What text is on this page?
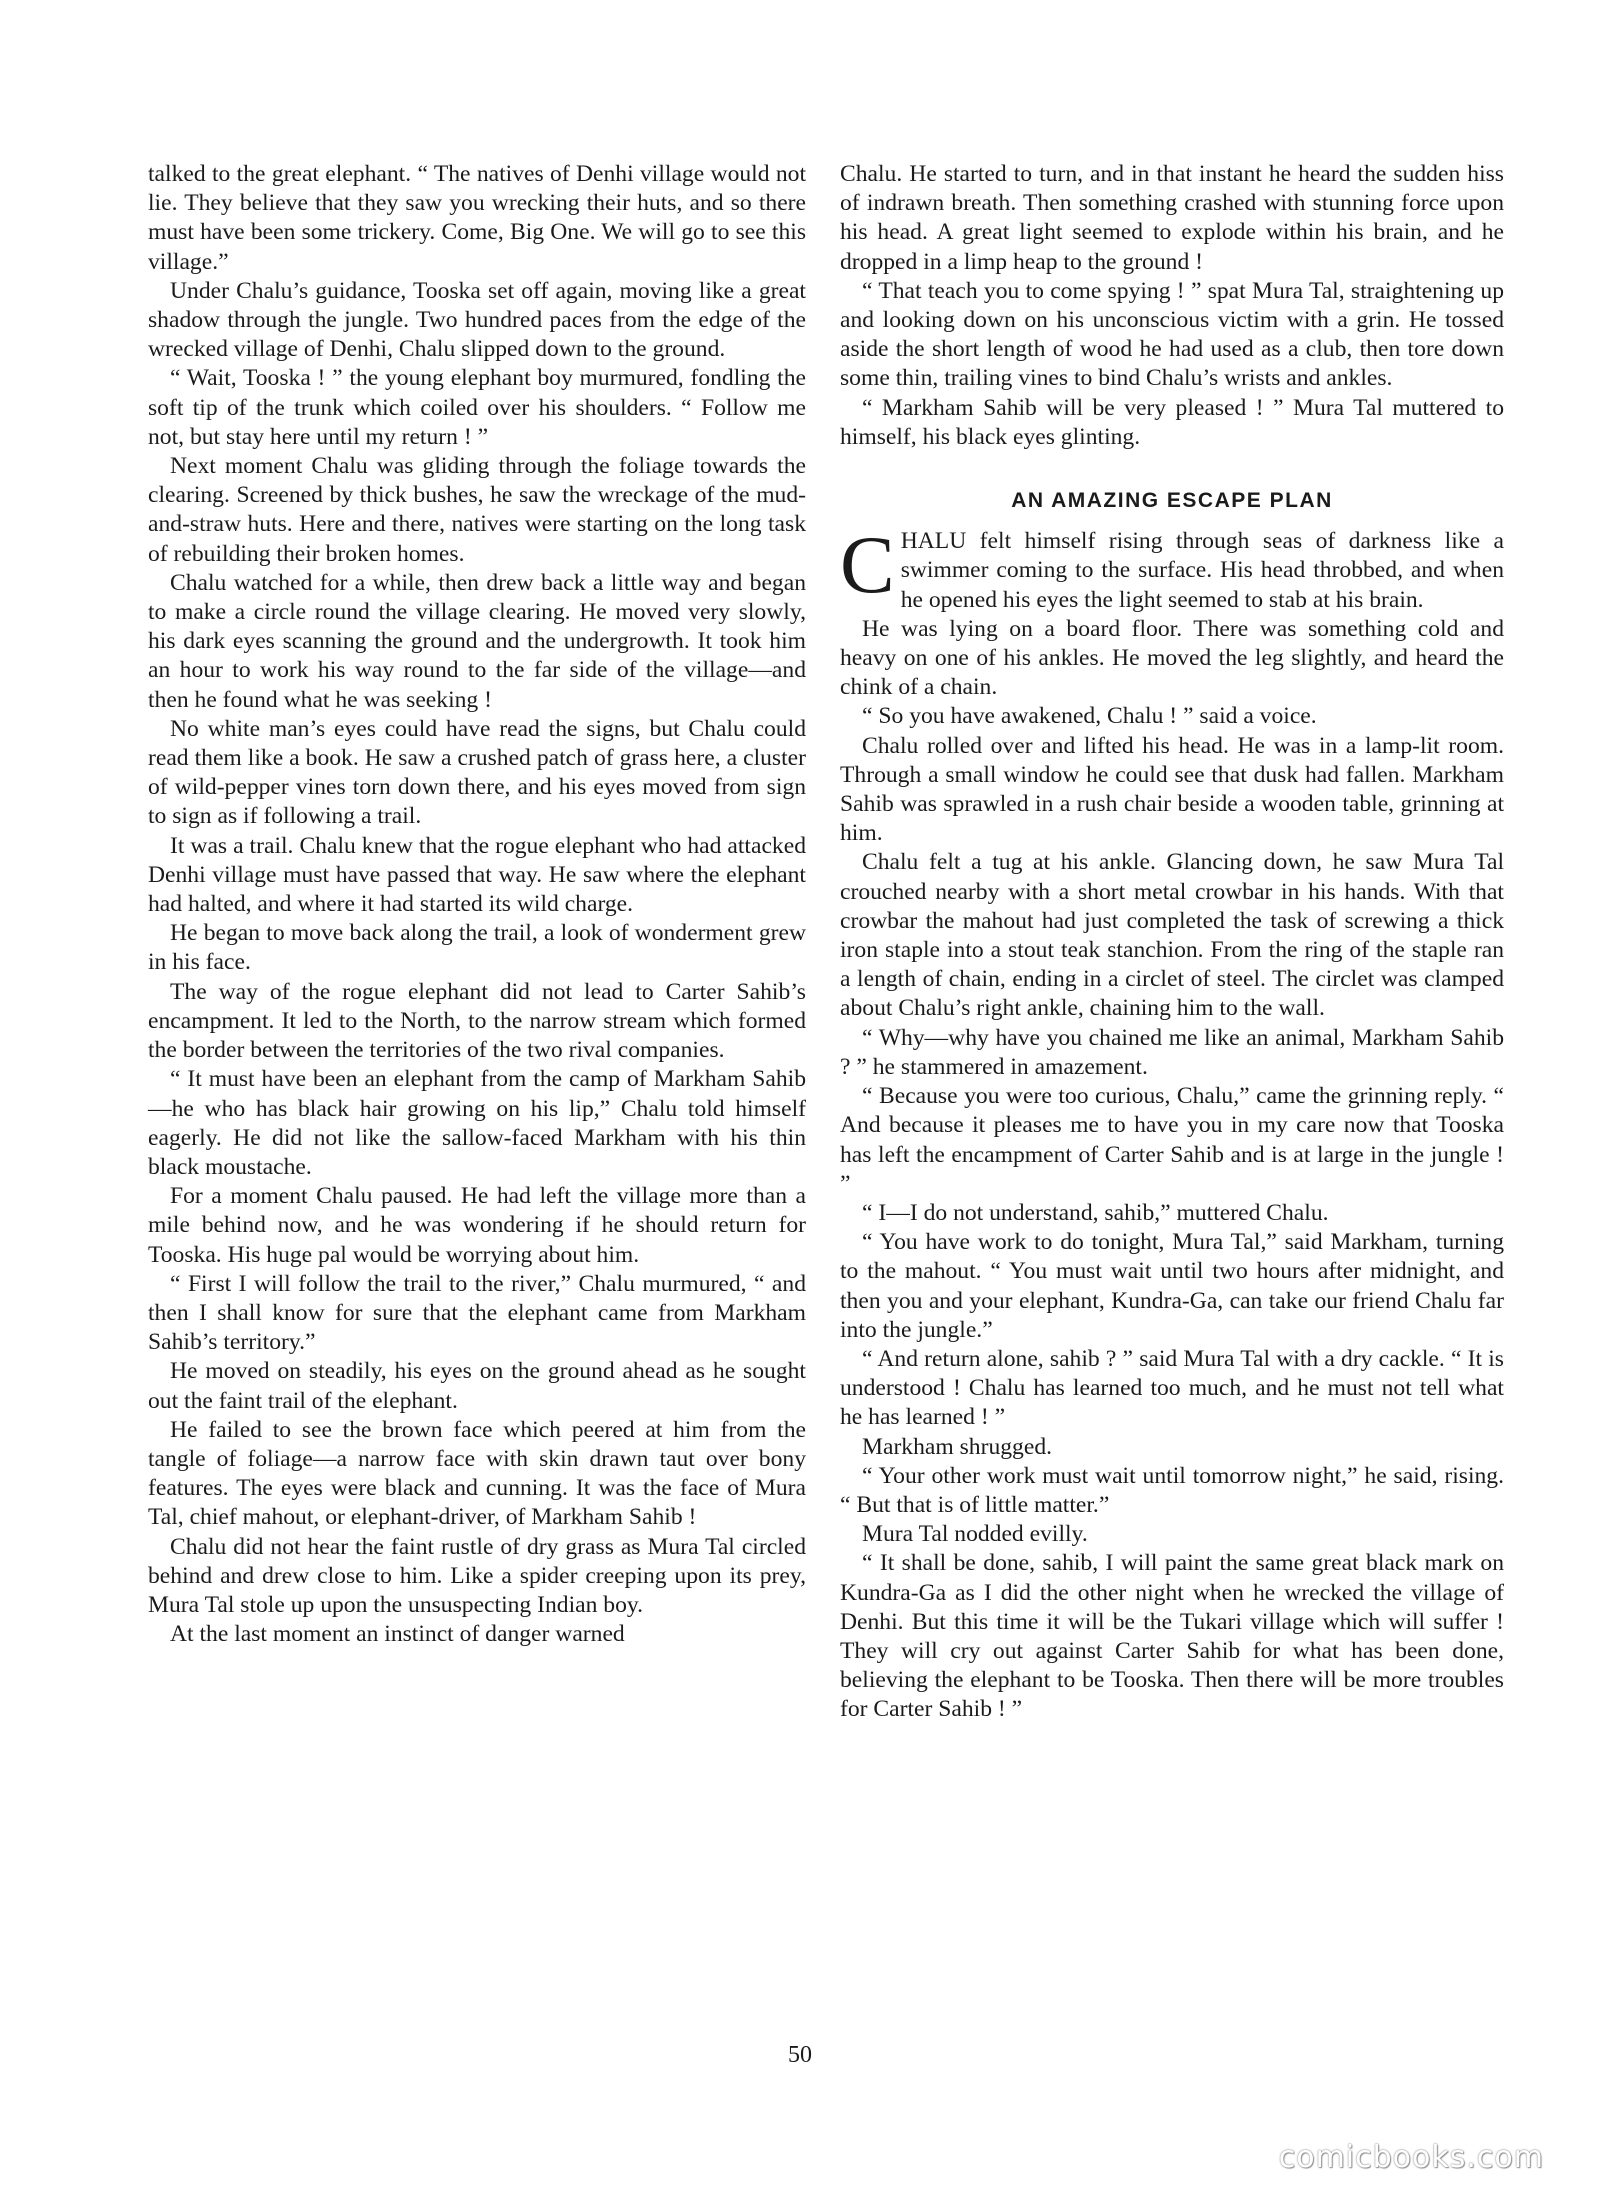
talked to the great elephant. “ The natives of Denhi village would not lie. They believe that they saw you wrecking their huts, and so there must have been some trickery. Come, Big One. We will go to see this village.”

Under Chalu’s guidance, Tooska set off again, moving like a great shadow through the jungle. Two hundred paces from the edge of the wrecked village of Denhi, Chalu slipped down to the ground.

“ Wait, Tooska ! ” the young elephant boy murmured, fondling the soft tip of the trunk which coiled over his shoulders. “ Follow me not, but stay here until my return ! ”

Next moment Chalu was gliding through the foliage towards the clearing. Screened by thick bushes, he saw the wreckage of the mud-and-straw huts. Here and there, natives were starting on the long task of rebuilding their broken homes.

Chalu watched for a while, then drew back a little way and began to make a circle round the village clearing. He moved very slowly, his dark eyes scanning the ground and the undergrowth. It took him an hour to work his way round to the far side of the village—and then he found what he was seeking !

No white man’s eyes could have read the signs, but Chalu could read them like a book. He saw a crushed patch of grass here, a cluster of wild-pepper vines torn down there, and his eyes moved from sign to sign as if following a trail.

It was a trail. Chalu knew that the rogue elephant who had attacked Denhi village must have passed that way. He saw where the elephant had halted, and where it had started its wild charge.

He began to move back along the trail, a look of wonderment grew in his face.

The way of the rogue elephant did not lead to Carter Sahib’s encampment. It led to the North, to the narrow stream which formed the border between the territories of the two rival companies.

“ It must have been an elephant from the camp of Markham Sahib—he who has black hair growing on his lip,” Chalu told himself eagerly. He did not like the sallow-faced Markham with his thin black moustache.

For a moment Chalu paused. He had left the village more than a mile behind now, and he was wondering if he should return for Tooska. His huge pal would be worrying about him.

“ First I will follow the trail to the river,” Chalu murmured, “ and then I shall know for sure that the elephant came from Markham Sahib’s territory.”

He moved on steadily, his eyes on the ground ahead as he sought out the faint trail of the elephant.

He failed to see the brown face which peered at him from the tangle of foliage—a narrow face with skin drawn taut over bony features. The eyes were black and cunning. It was the face of Mura Tal, chief mahout, or elephant-driver, of Markham Sahib !

Chalu did not hear the faint rustle of dry grass as Mura Tal circled behind and drew close to him. Like a spider creeping upon its prey, Mura Tal stole up upon the unsuspecting Indian boy.

At the last moment an instinct of danger warned

Chalu. He started to turn, and in that instant he heard the sudden hiss of indrawn breath. Then something crashed with stunning force upon his head. A great light seemed to explode within his brain, and he dropped in a limp heap to the ground !

“ That teach you to come spying ! ” spat Mura Tal, straightening up and looking down on his unconscious victim with a grin. He tossed aside the short length of wood he had used as a club, then tore down some thin, trailing vines to bind Chalu’s wrists and ankles.

“ Markham Sahib will be very pleased ! ” Mura Tal muttered to himself, his black eyes glinting.

AN AMAZING ESCAPE PLAN

CHALU felt himself rising through seas of darkness like a swimmer coming to the surface. His head throbbed, and when he opened his eyes the light seemed to stab at his brain.

He was lying on a board floor. There was something cold and heavy on one of his ankles. He moved the leg slightly, and heard the chink of a chain.

“ So you have awakened, Chalu ! ” said a voice.

Chalu rolled over and lifted his head. He was in a lamp-lit room. Through a small window he could see that dusk had fallen. Markham Sahib was sprawled in a rush chair beside a wooden table, grinning at him.

Chalu felt a tug at his ankle. Glancing down, he saw Mura Tal crouched nearby with a short metal crowbar in his hands. With that crowbar the mahout had just completed the task of screwing a thick iron staple into a stout teak stanchion. From the ring of the staple ran a length of chain, ending in a circlet of steel. The circlet was clamped about Chalu’s right ankle, chaining him to the wall.

“ Why—why have you chained me like an animal, Markham Sahib ? ” he stammered in amazement.

“ Because you were too curious, Chalu,” came the grinning reply. “ And because it pleases me to have you in my care now that Tooska has left the encampment of Carter Sahib and is at large in the jungle ! ”

“ I—I do not understand, sahib,” muttered Chalu.

“ You have work to do tonight, Mura Tal,” said Markham, turning to the mahout. “ You must wait until two hours after midnight, and then you and your elephant, Kundra-Ga, can take our friend Chalu far into the jungle.”

“ And return alone, sahib ? ” said Mura Tal with a dry cackle. “ It is understood ! Chalu has learned too much, and he must not tell what he has learned ! ”

Markham shrugged.

“ Your other work must wait until tomorrow night,” he said, rising. “ But that is of little matter.”

Mura Tal nodded evilly.

“ It shall be done, sahib, I will paint the same great black mark on Kundra-Ga as I did the other night when he wrecked the village of Denhi. But this time it will be the Tukari village which will suffer ! They will cry out against Carter Sahib for what has been done, believing the elephant to be Tooska. Then there will be more troubles for Carter Sahib ! ”

50
comicbooks.com
